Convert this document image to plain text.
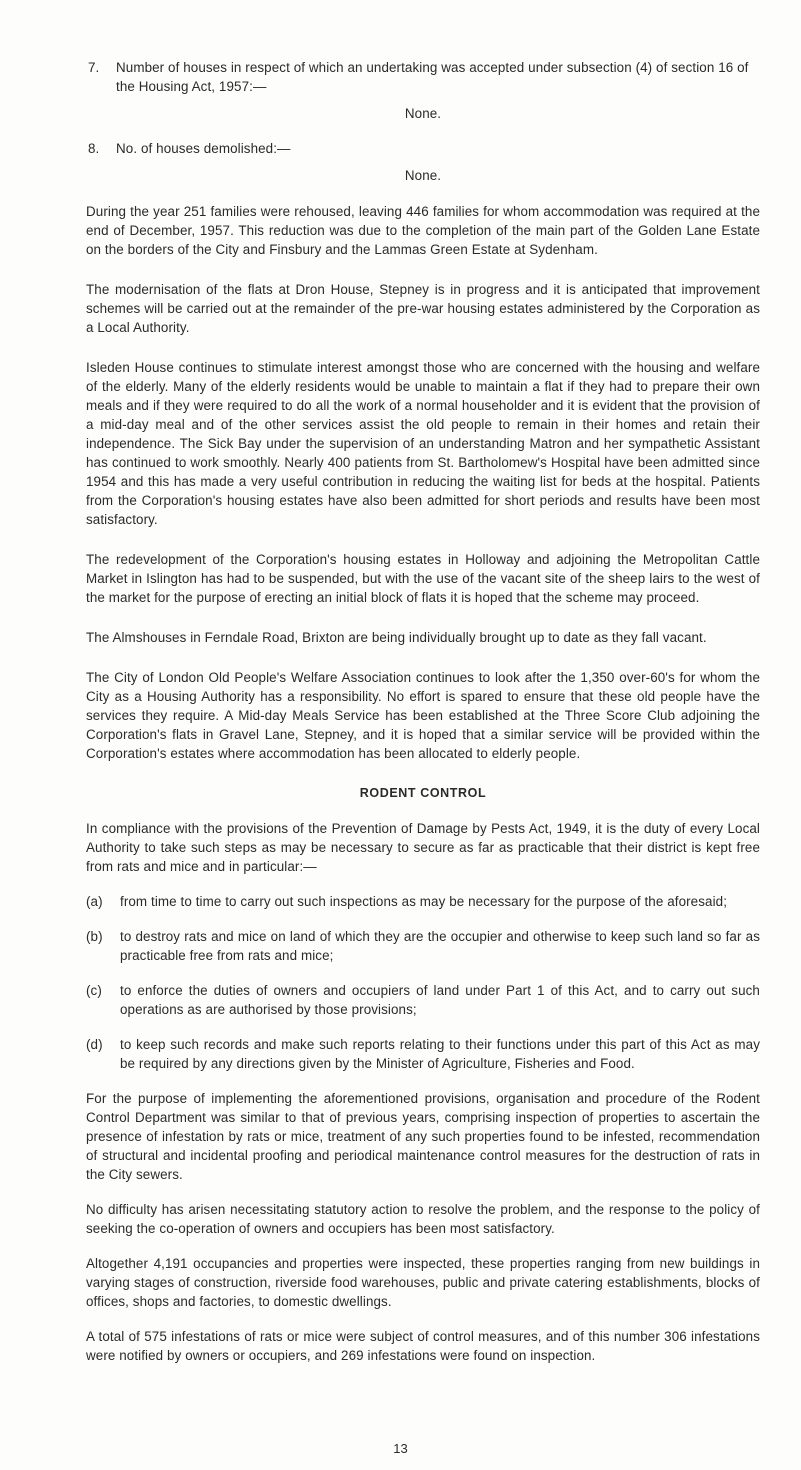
7.	Number of houses in respect of which an undertaking was accepted under subsection (4) of section 16 of the Housing Act, 1957:—
None.
8.	No. of houses demolished:—
None.

During the year 251 families were rehoused, leaving 446 families for whom accommodation was required at the end of December, 1957. This reduction was due to the completion of the main part of the Golden Lane Estate on the borders of the City and Finsbury and the Lammas Green Estate at Sydenham.

The modernisation of the flats at Dron House, Stepney is in progress and it is anticipated that improvement schemes will be carried out at the remainder of the pre-war housing estates administered by the Corporation as a Local Authority.

Isleden House continues to stimulate interest amongst those who are concerned with the housing and welfare of the elderly. Many of the elderly residents would be unable to maintain a flat if they had to prepare their own meals and if they were required to do all the work of a normal householder and it is evident that the provision of a mid-day meal and of the other services assist the old people to remain in their homes and retain their independence. The Sick Bay under the supervision of an understanding Matron and her sympathetic Assistant has continued to work smoothly. Nearly 400 patients from St. Bartholomew's Hospital have been admitted since 1954 and this has made a very useful contribution in reducing the waiting list for beds at the hospital. Patients from the Corporation's housing estates have also been admitted for short periods and results have been most satisfactory.

The redevelopment of the Corporation's housing estates in Holloway and adjoining the Metropolitan Cattle Market in Islington has had to be suspended, but with the use of the vacant site of the sheep lairs to the west of the market for the purpose of erecting an initial block of flats it is hoped that the scheme may proceed.

The Almshouses in Ferndale Road, Brixton are being individually brought up to date as they fall vacant.

The City of London Old People's Welfare Association continues to look after the 1,350 over-60's for whom the City as a Housing Authority has a responsibility. No effort is spared to ensure that these old people have the services they require. A Mid-day Meals Service has been established at the Three Score Club adjoining the Corporation's flats in Gravel Lane, Stepney, and it is hoped that a similar service will be provided within the Corporation's estates where accommodation has been allocated to elderly people.

RODENT CONTROL

In compliance with the provisions of the Prevention of Damage by Pests Act, 1949, it is the duty of every Local Authority to take such steps as may be necessary to secure as far as practicable that their district is kept free from rats and mice and in particular:—

(a)	from time to time to carry out such inspections as may be necessary for the purpose of the aforesaid;
(b)	to destroy rats and mice on land of which they are the occupier and otherwise to keep such land so far as practicable free from rats and mice;
(c)	to enforce the duties of owners and occupiers of land under Part 1 of this Act, and to carry out such operations as are authorised by those provisions;
(d)	to keep such records and make such reports relating to their functions under this part of this Act as may be required by any directions given by the Minister of Agriculture, Fisheries and Food.

For the purpose of implementing the aforementioned provisions, organisation and procedure of the Rodent Control Department was similar to that of previous years, comprising inspection of properties to ascertain the presence of infestation by rats or mice, treatment of any such properties found to be infested, recommendation of structural and incidental proofing and periodical maintenance control measures for the destruction of rats in the City sewers.

No difficulty has arisen necessitating statutory action to resolve the problem, and the response to the policy of seeking the co-operation of owners and occupiers has been most satisfactory.

Altogether 4,191 occupancies and properties were inspected, these properties ranging from new buildings in varying stages of construction, riverside food warehouses, public and private catering establishments, blocks of offices, shops and factories, to domestic dwellings.

A total of 575 infestations of rats or mice were subject of control measures, and of this number 306 infestations were notified by owners or occupiers, and 269 infestations were found on inspection.

13
